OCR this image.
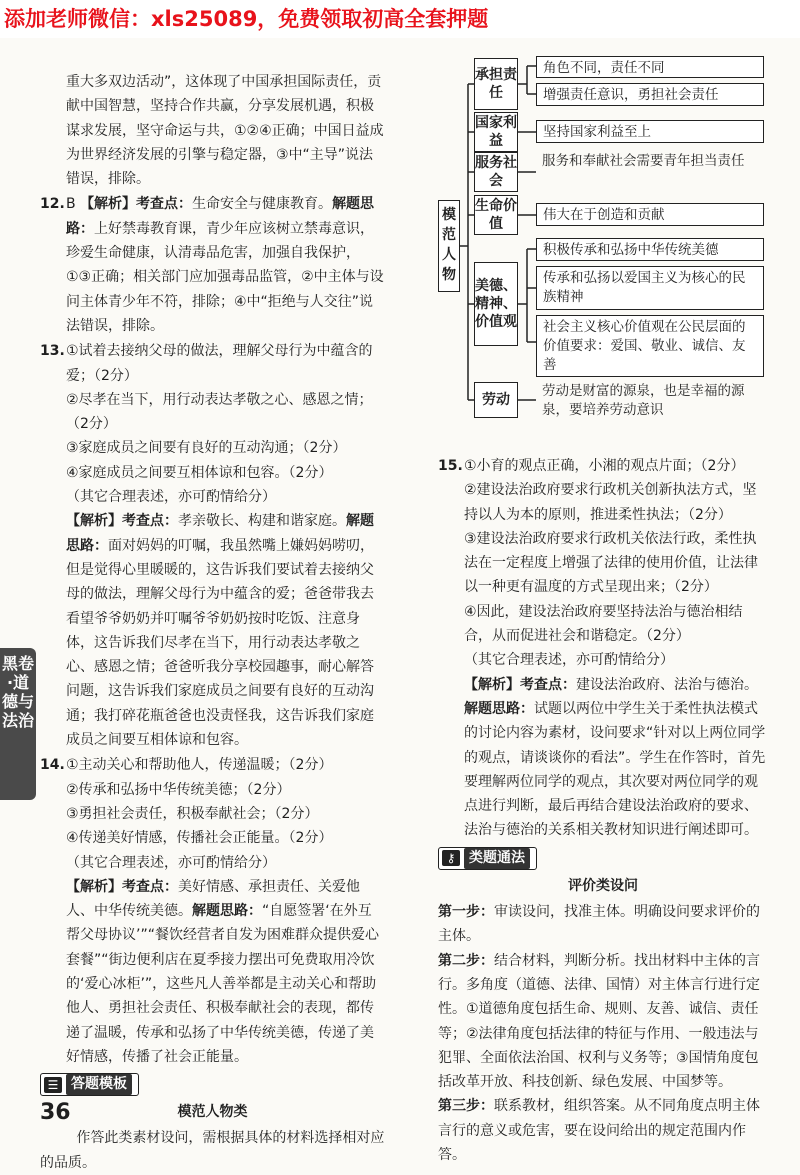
添加老师微信：xls25089，免费领取初高全套押题

重大多双边活动”，这体现了中国承担国际责任，贡献中国智慧，坚持合作共赢，分享发展机遇，积极谋求发展，坚守命运与共，①②④正确；中国日益成为世界经济发展的引擎与稳定器，③中“主导”说法错误，排除。

12.B 【解析】考查点：生命安全与健康教育。解题思路：上好禁毒教育课，青少年应该树立禁毒意识，珍爱生命健康，认清毒品危害，加强自我保护，①③正确；相关部门应加强毒品监管，②中主体与设问主体青少年不符，排除；④中“拒绝与人交往”说法错误，排除。

13.①试着去接纳父母的做法，理解父母行为中蕴含的爱；（2分）

②尽孝在当下，用行动表达孝敬之心、感恩之情；（2分）

③家庭成员之间要有良好的互动沟通；（2分）

④家庭成员之间要互相体谅和包容。（2分）

（其它合理表述，亦可酌情给分）

【解析】考查点：孝亲敬长、构建和谐家庭。解题思路：面对妈妈的叮嘱，我虽然嘴上嫌妈妈唠叨，但是觉得心里暖暖的，这告诉我们要试着去接纳父母的做法，理解父母行为中蕴含的爱；爸爸带我去看望爷爷奶奶并叮嘱爷爷奶奶按时吃饭、注意身体，这告诉我们尽孝在当下，用行动表达孝敬之心、感恩之情；爸爸听我分享校园趣事，耐心解答问题，这告诉我们家庭成员之间要有良好的互动沟通；我打碎花瓶爸爸也没责怪我，这告诉我们家庭成员之间要互相体谅和包容。

14.①主动关心和帮助他人，传递温暖；（2分）

②传承和弘扬中华传统美德；（2分）

③勇担社会责任，积极奉献社会；（2分）

④传递美好情感，传播社会正能量。（2分）

（其它合理表述，亦可酌情给分）

【解析】考查点：美好情感、承担责任、关爱他人、中华传统美德。解题思路：“自愿签署‘在外互帮父母协议’”“餐饮经营者自发为困难群众提供爱心套餐”“街边便利店在夏季接力摆出可免费取用冷饮的‘爱心冰柜’”，这些凡人善举都是主动关心和帮助他人、勇担社会责任、积极奉献社会的表现，都传递了温暖，传承和弘扬了中华传统美德，传递了美好情感，传播了社会正能量。

☰ 答题模板

模范人物类

作答此类素材设问，需根据具体的材料选择相对应的品质。

模范人物
承担责任
角色不同，责任不同
增强责任意识，勇担社会责任
国家利益
坚持国家利益至上
服务社会
服务和奉献社会需要青年担当责任
生命价值
伟大在于创造和贡献
美德、精神、价值观
积极传承和弘扬中华传统美德
传承和弘扬以爱国主义为核心的民族精神
社会主义核心价值观在公民层面的价值要求：爱国、敬业、诚信、友善
劳动
劳动是财富的源泉，也是幸福的源泉，要培养劳动意识

15.①小育的观点正确，小湘的观点片面；（2分）

②建设法治政府要求行政机关创新执法方式，坚持以人为本的原则，推进柔性执法；（2分）

③建设法治政府要求行政机关依法行政，柔性执法在一定程度上增强了法律的使用价值，让法律以一种更有温度的方式呈现出来；（2分）

④因此，建设法治政府要坚持法治与德治相结合，从而促进社会和谐稳定。（2分）

（其它合理表述，亦可酌情给分）

【解析】考查点：建设法治政府、法治与德治。解题思路：试题以两位中学生关于柔性执法模式的讨论内容为素材，设问要求“针对以上两位同学的观点，请谈谈你的看法”。学生在作答时，首先要理解两位同学的观点，其次要对两位同学的观点进行判断，最后再结合建设法治政府的要求、法治与德治的关系相关教材知识进行阐述即可。

⚷ 类题通法

评价类设问

第一步：审读设问，找准主体。明确设问要求评价的主体。

第二步：结合材料，判断分析。找出材料中主体的言行。多角度（道德、法律、国情）对主体言行进行定性。①道德角度包括生命、规则、友善、诚信、责任等；②法律角度包括法律的特征与作用、一般违法与犯罪、全面依法治国、权利与义务等；③国情角度包括改革开放、科技创新、绿色发展、中国梦等。

第三步：联系教材，组织答案。从不同角度点明主体言行的意义或危害，要在设问给出的规定范围内作答。

黑卷·道德与法治
36
